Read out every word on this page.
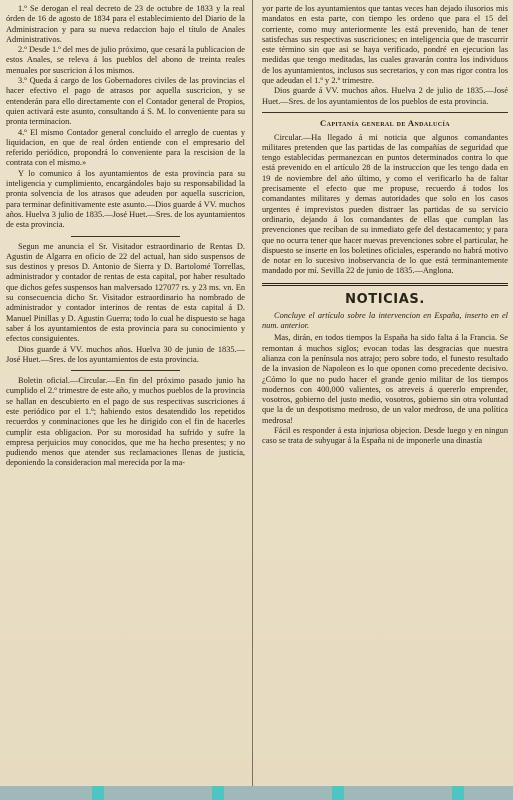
1.º Se derogan el real decreto de 23 de octubre de 1833 y la real órden de 16 de agosto de 1834 para el establecimiento del Diario de la Administracion y para su nueva redaccion bajo el título de Anales Administrativos.

2.º Desde 1.º del mes de julio próximo, que cesará la publicacion de estos Anales, se releva á los pueblos del abono de treinta reales menuales por suscricion á los mismos.

3.º Queda á cargo de los Gobernadores civiles de las provincias el hacer efectivo el pago de atrasos por aquella suscricion, y se entenderán para ello directamente con el Contador general de Propios, quien activará este asunto, consultando á S. M. lo conveniente para su pronta terminacion.

4.º El mismo Contador general concluido el arreglo de cuentas y liquidacion, en que de real órden entiende con el empresario del referido periódico, propondrá lo conveniente para la rescision de la contrata con el mismo.»

Y lo comunico á los ayuntamientos de esta provincia para su inteligencia y cumplimiento, encargándoles bajo su responsabilidad la pronta solvencia de los atrasos que adeuden por aquella suscricion, para terminar definitivamente este asunto.—Dios guarde á VV. muchos años. Huelva 3 julio de 1835.—José Huet.—Sres. de los ayuntamientos de esta provincia.

Segun me anuncia el Sr. Visitador estraordinario de Rentas D. Agustin de Algarra en oficio de 22 del actual, han sido suspensos de sus destinos y presos D. Antonio de Sierra y D. Bartolomé Torrellas, administrador y contador de rentas de esta capital, por haber resultado que dichos gefes suspensos han malversado 127077 rs. y 23 ms. vn. En su consecuencia dicho Sr. Visitador estraordinario ha nombrado de administrador y contador interinos de rentas de esta capital á D. Manuel Pinillas y D. Agustin Guerra; todo lo cual he dispuesto se haga saber á los ayuntamientos de esta provincia para su conocimiento y efectos consiguientes.

Dios guarde á VV. muchos años. Huelva 30 de junio de 1835.—José Huet.—Sres. de los ayuntamientos de esta provincia.

Boletin oficial.—Circular.—En fin del próximo pasado junio ha cumplido el 2.º trimestre de este año, y muchos pueblos de la provincia se hallan en descubierto en el pago de sus respectivas suscriciones á este periódico por el 1.º; habiendo estos desatendido los repetidos recuerdos y conminaciones que les he dirigido con el fin de hacerles cumplir esta obligacion. Por su morosidad ha sufrido y sufre la empresa perjuicios muy conocidos, que me ha hecho presentes; y no pudiendo menos que atender sus reclamaciones llenas de justicia, deponiendo la consideracion mal merecida por la ma-

yor parte de los ayuntamientos que tantas veces han dejado ilusorios mis mandatos en esta parte, con tiempo les ordeno que para el 15 del corriente, como muy anteriormente les está prevenido, han de tener satisfechas sus respectivas suscriciones; en inteligencia que de trascurrir este término sin que asi se haya verificado, pondré en ejecucion las medidas que tengo meditadas, las cuales gravarán contra los individuos de los ayuntamientos, inclusos sus secretarios, y con mas rigor contra los que adeudan el 1.º y 2.º trimestre.

Dios guarde á VV. muchos años. Huelva 2 de julio de 1835.—José Huet.—Sres. de los ayuntamientos de los pueblos de esta provincia.

Capitanía general de Andalucía

Circular.—Ha llegado á mi noticia que algunos comandantes militares pretenden que las partidas de las compañías de seguridad que tengo establecidas permanezcan en puntos determinados contra lo que está prevenido en el artículo 28 de la instruccion que les tengo dada en 19 de noviembre del año último, y como el verificarlo ha de faltar precisamente el efecto que me propuse, recuerdo á todos los comandantes militares y demas autoridades que solo en los casos urgentes é imprevistos pueden distraer las partidas de su servicio ordinario, dejando á los comandantes de ellas que cumplan las prevenciones que reciban de su inmediato gefe del destacamento; y para que no ocurra tener que hacer nuevas prevenciones sobre el particular, he dispuesto se inserte en los boletines oficiales, esperando no habrá motivo de notar en lo sucesivo inobservancia de lo que está terminantemente mandado por mí. Sevilla 22 de junio de 1835.—Anglona.

NOTICIAS.

Concluye el artículo sobre la intervencion en España, inserto en el num. anterior.

Mas, dirán, en todos tiempos la España ha sido falta á la Francia. Se remontan á muchos siglos; evocan todas las desgracias que nuestra alianza con la península nos atrajo; pero sobre todo, el funesto resultado de la invasion de Napoleon es lo que oponen como precedente decisivo. ¿Cómo lo que no pudo hacer el grande genio militar de los tiempos modernos con 400,000 valientes, os atreveis á quererlo emprender, vosotros, gobierno del justo medio, vosotros, gobierno sin otra voluntad que la de un despotismo medroso, de un valor medroso, de una política medrosa!

Fácil es responder á esta injuriosa objecion. Desde luego y en ningun caso se trata de subyugar á la España ni de imponerle una dinastía
